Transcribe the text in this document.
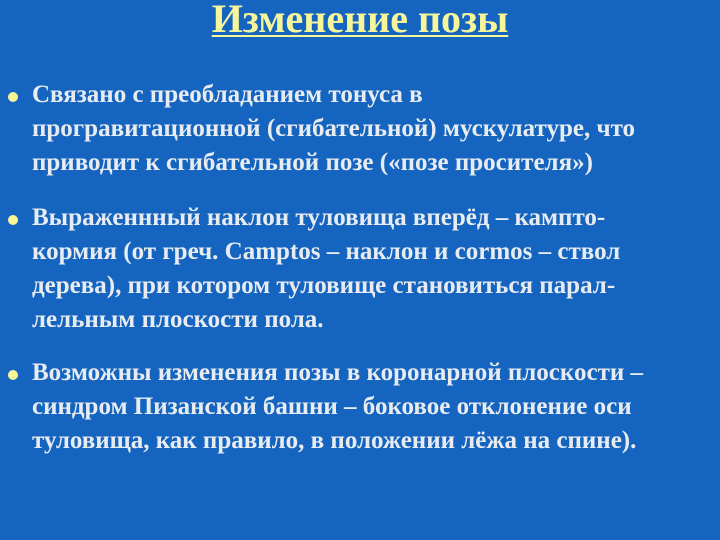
Изменение позы
Связано с преобладанием тонуса в
програвитационной (сгибательной) мускулатуре, что
приводит к сгибательной позе («позе просителя»)
Выраженнный наклон туловища вперёд – кампто-
кормия (от греч. Camptos – наклон и cormos – ствол
дерева), при котором туловище становиться парал-
лельным плоскости пола.
Возможны изменения позы в коронарной плоскости –
синдром Пизанской башни – боковое отклонение оси
туловища, как правило, в положении лёжа на спине).
